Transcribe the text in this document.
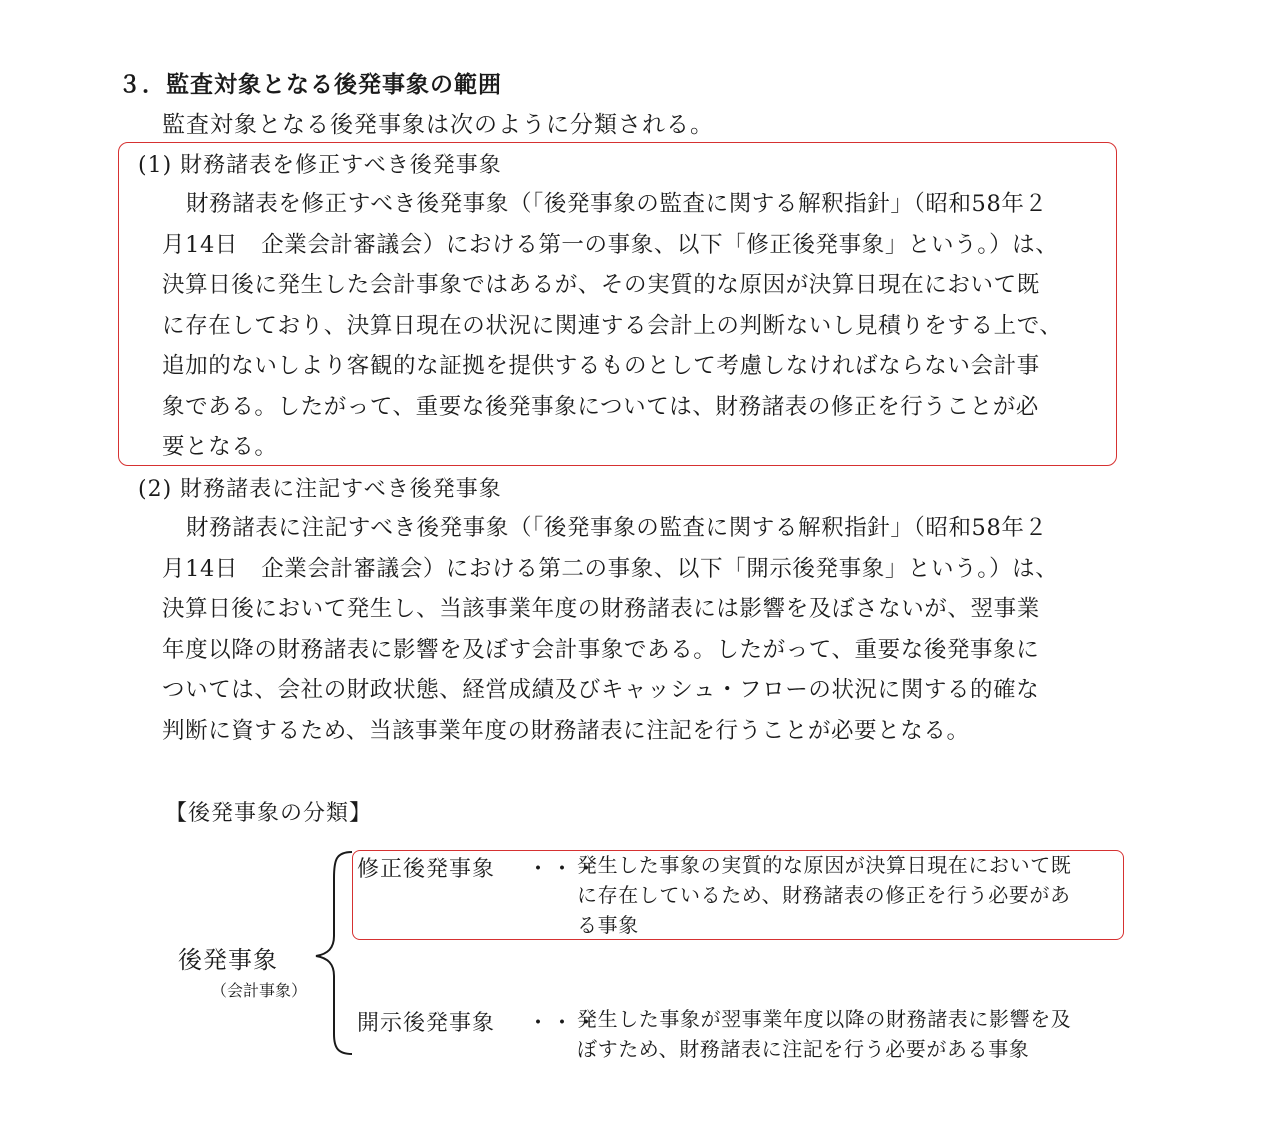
３．監査対象となる後発事象の範囲
監査対象となる後発事象は次のように分類される。
(1) 財務諸表を修正すべき後発事象
財務諸表を修正すべき後発事象（「後発事象の監査に関する解釈指針」（昭和58年２
月14日　企業会計審議会）における第一の事象、以下「修正後発事象」という。）は、
決算日後に発生した会計事象ではあるが、その実質的な原因が決算日現在において既
に存在しており、決算日現在の状況に関連する会計上の判断ないし見積りをする上で、
追加的ないしより客観的な証拠を提供するものとして考慮しなければならない会計事
象である。したがって、重要な後発事象については、財務諸表の修正を行うことが必
要となる。
(2) 財務諸表に注記すべき後発事象
財務諸表に注記すべき後発事象（「後発事象の監査に関する解釈指針」（昭和58年２
月14日　企業会計審議会）における第二の事象、以下「開示後発事象」という。）は、
決算日後において発生し、当該事業年度の財務諸表には影響を及ぼさないが、翌事業
年度以降の財務諸表に影響を及ぼす会計事象である。したがって、重要な後発事象に
ついては、会社の財政状態、経営成績及びキャッシュ・フローの状況に関する的確な
判断に資するため、当該事業年度の財務諸表に注記を行うことが必要となる。
【後発事象の分類】
後発事象
（会計事象）
修正後発事象 ・・・
発生した事象の実質的な原因が決算日現在において既
に存在しているため、財務諸表の修正を行う必要があ
る事象
開示後発事象 ・・・
発生した事象が翌事業年度以降の財務諸表に影響を及
ぼすため、財務諸表に注記を行う必要がある事象
